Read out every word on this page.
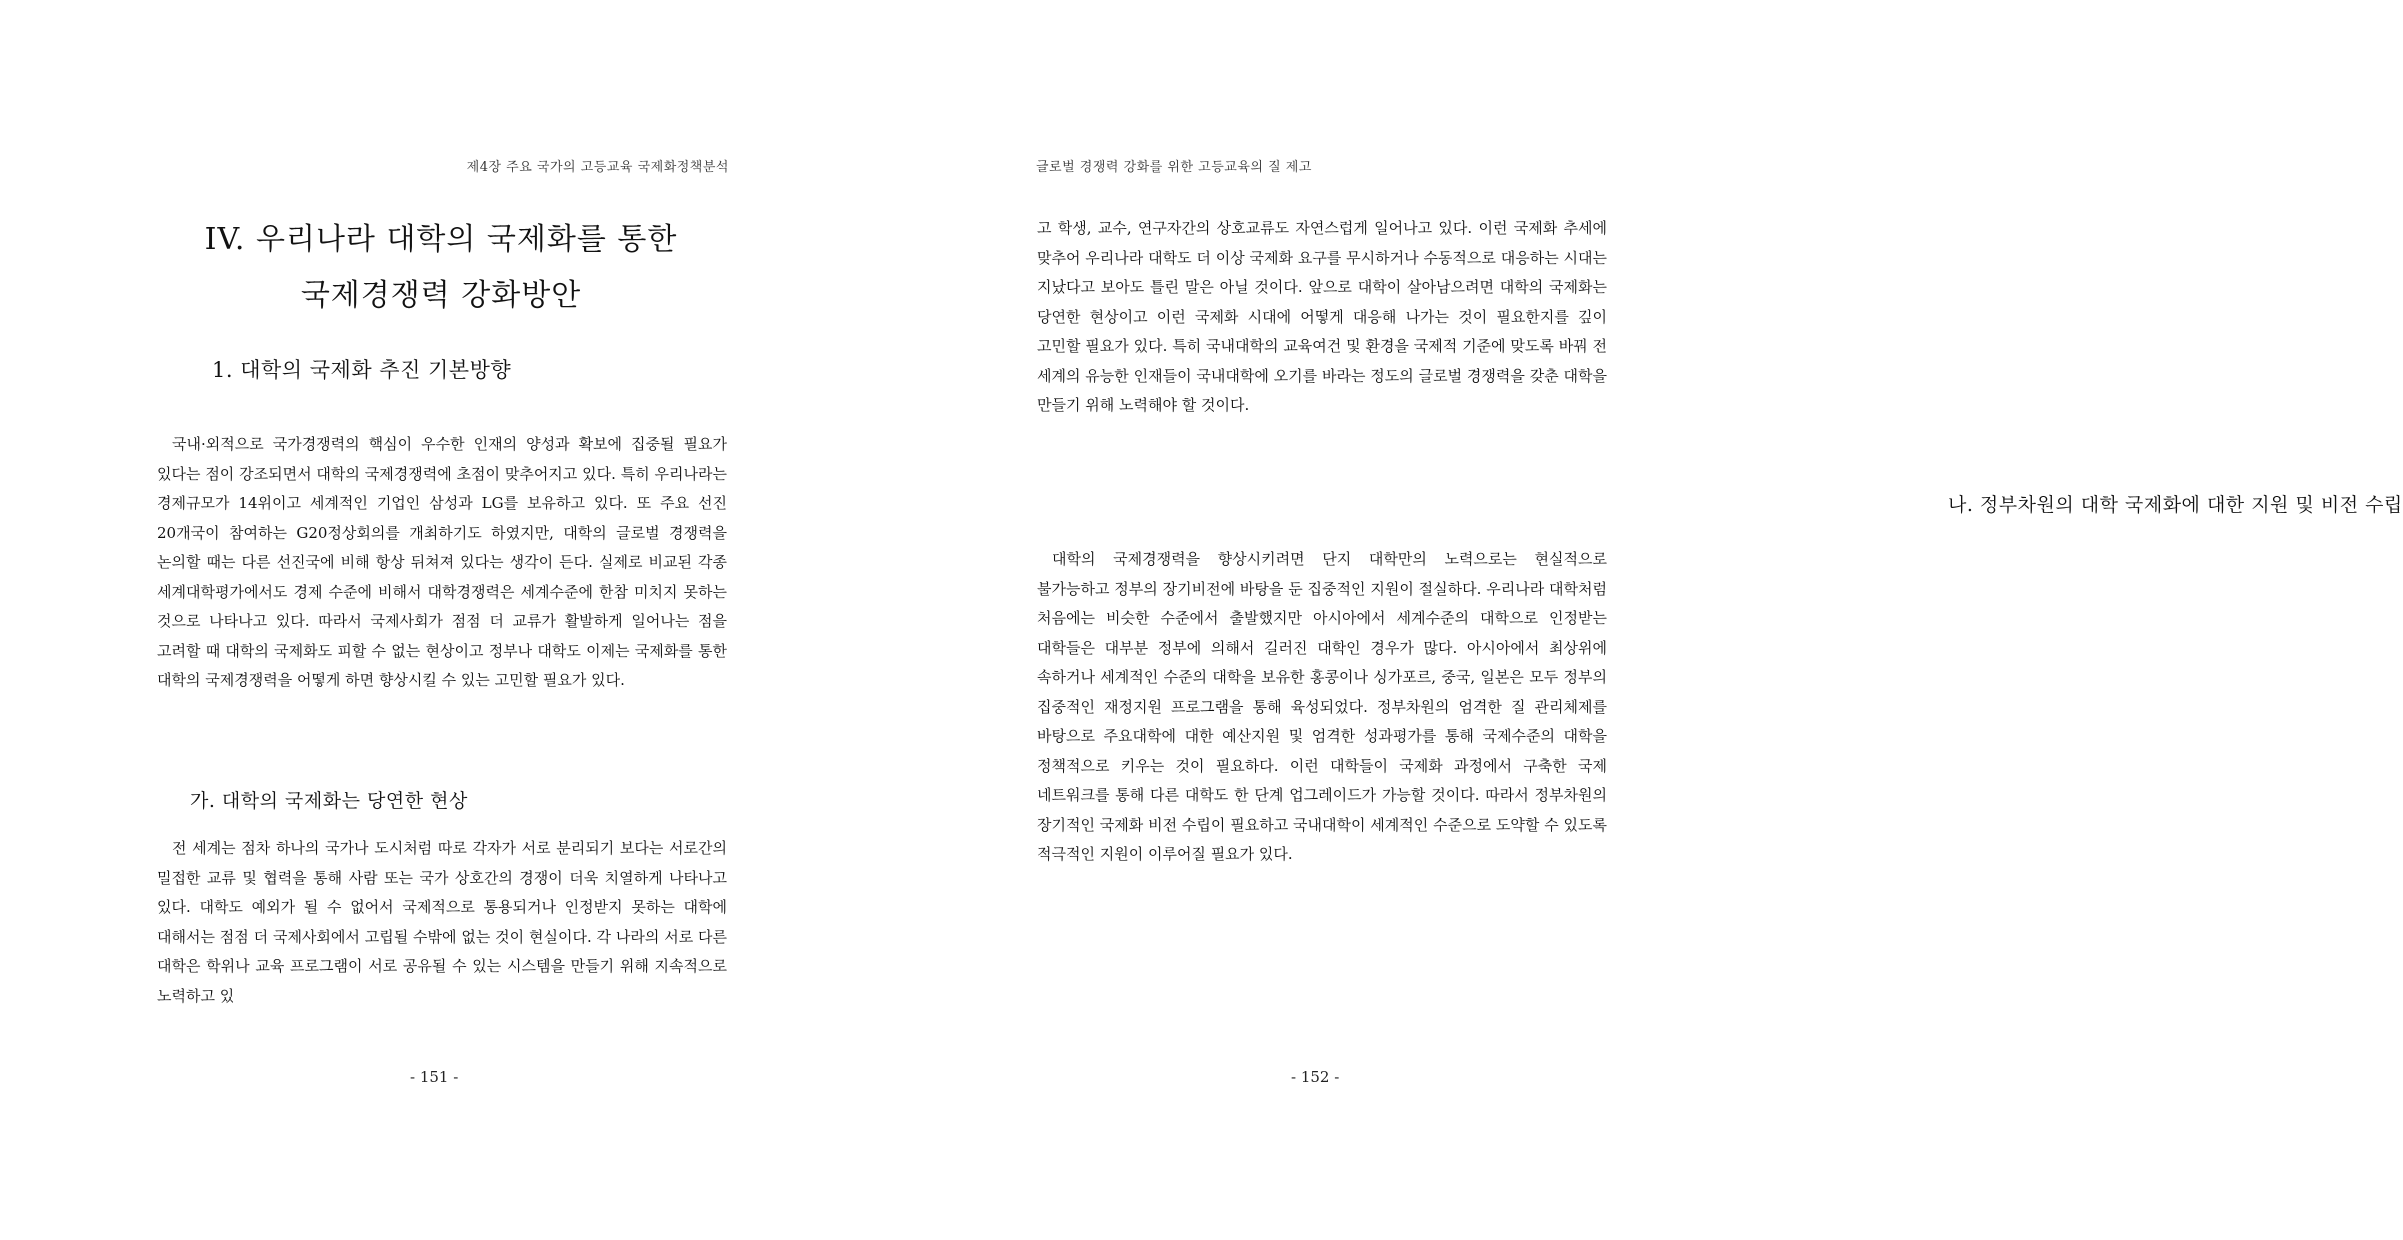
제4장 주요 국가의 고등교육 국제화정책분석
IV. 우리나라 대학의 국제화를 통한
국제경쟁력 강화방안
1. 대학의 국제화 추진 기본방향

국내·외적으로 국가경쟁력의 핵심이 우수한 인재의 양성과 확보에 집중될 필요가 있다는 점이 강조되면서 대학의 국제경쟁력에 초점이 맞추어지고 있다. 특히 우리나라는 경제규모가 14위이고 세계적인 기업인 삼성과 LG를 보유하고 있다. 또 주요 선진 20개국이 참여하는 G20정상회의를 개최하기도 하였지만, 대학의 글로벌 경쟁력을 논의할 때는 다른 선진국에 비해 항상 뒤쳐져 있다는 생각이 든다. 실제로 비교된 각종 세계대학평가에서도 경제 수준에 비해서 대학경쟁력은 세계수준에 한참 미치지 못하는 것으로 나타나고 있다. 따라서 국제사회가 점점 더 교류가 활발하게 일어나는 점을 고려할 때 대학의 국제화도 피할 수 없는 현상이고 정부나 대학도 이제는 국제화를 통한 대학의 국제경쟁력을 어떻게 하면 향상시킬 수 있는 고민할 필요가 있다.

가. 대학의 국제화는 당연한 현상

전 세계는 점차 하나의 국가나 도시처럼 따로 각자가 서로 분리되기 보다는 서로간의 밀접한 교류 및 협력을 통해 사람 또는 국가 상호간의 경쟁이 더욱 치열하게 나타나고 있다. 대학도 예외가 될 수 없어서 국제적으로 통용되거나 인정받지 못하는 대학에 대해서는 점점 더 국제사회에서 고립될 수밖에 없는 것이 현실이다. 각 나라의 서로 다른 대학은 학위나 교육 프로그램이 서로 공유될 수 있는 시스템을 만들기 위해 지속적으로 노력하고 있

- 151 -
글로벌 경쟁력 강화를 위한 고등교육의 질 제고

고 학생, 교수, 연구자간의 상호교류도 자연스럽게 일어나고 있다. 이런 국제화 추세에 맞추어 우리나라 대학도 더 이상 국제화 요구를 무시하거나 수동적으로 대응하는 시대는 지났다고 보아도 틀린 말은 아닐 것이다. 앞으로 대학이 살아남으려면 대학의 국제화는 당연한 현상이고 이런 국제화 시대에 어떻게 대응해 나가는 것이 필요한지를 깊이 고민할 필요가 있다. 특히 국내대학의 교육여건 및 환경을 국제적 기준에 맞도록 바꿔 전 세계의 유능한 인재들이 국내대학에 오기를 바라는 정도의 글로벌 경쟁력을 갖춘 대학을 만들기 위해 노력해야 할 것이다.

나. 정부차원의 대학 국제화에 대한 지원 및 비전 수립

대학의 국제경쟁력을 향상시키려면 단지 대학만의 노력으로는 현실적으로 불가능하고 정부의 장기비전에 바탕을 둔 집중적인 지원이 절실하다. 우리나라 대학처럼 처음에는 비슷한 수준에서 출발했지만 아시아에서 세계수준의 대학으로 인정받는 대학들은 대부분 정부에 의해서 길러진 대학인 경우가 많다. 아시아에서 최상위에 속하거나 세계적인 수준의 대학을 보유한 홍콩이나 싱가포르, 중국, 일본은 모두 정부의 집중적인 재정지원 프로그램을 통해 육성되었다. 정부차원의 엄격한 질 관리체제를 바탕으로 주요대학에 대한 예산지원 및 엄격한 성과평가를 통해 국제수준의 대학을 정책적으로 키우는 것이 필요하다. 이런 대학들이 국제화 과정에서 구축한 국제 네트워크를 통해 다른 대학도 한 단계 업그레이드가 가능할 것이다. 따라서 정부차원의 장기적인 국제화 비전 수립이 필요하고 국내대학이 세계적인 수준으로 도약할 수 있도록 적극적인 지원이 이루어질 필요가 있다.

- 152 -
